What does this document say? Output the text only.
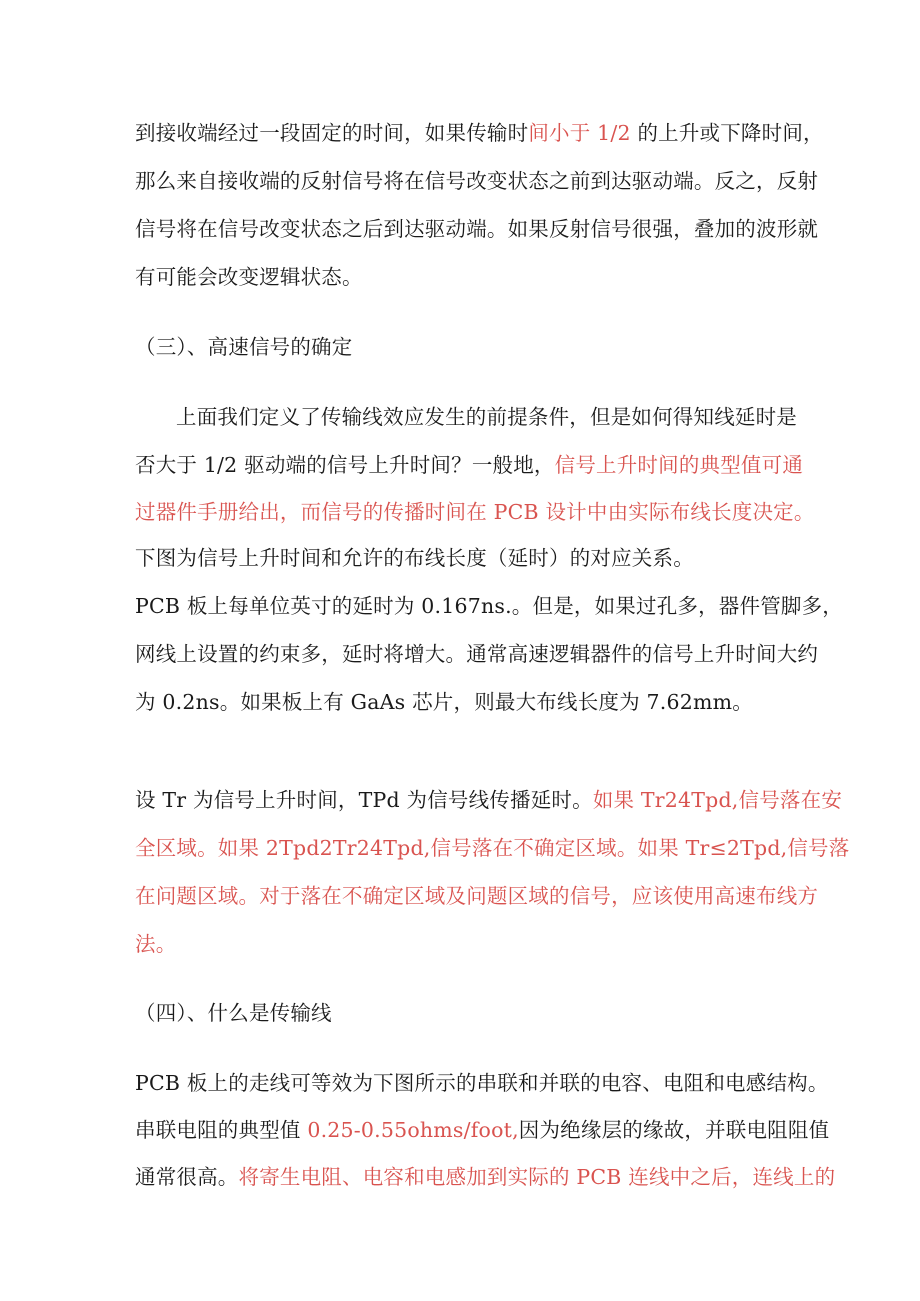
到接收端经过一段固定的时间，如果传输时间小于 1/2 的上升或下降时间，
那么来自接收端的反射信号将在信号改变状态之前到达驱动端。反之，反射
信号将在信号改变状态之后到达驱动端。如果反射信号很强，叠加的波形就
有可能会改变逻辑状态。
（三）、高速信号的确定
上面我们定义了传输线效应发生的前提条件，但是如何得知线延时是
否大于 1/2 驱动端的信号上升时间？一般地，信号上升时间的典型值可通
过器件手册给出，而信号的传播时间在 PCB 设计中由实际布线长度决定。
下图为信号上升时间和允许的布线长度（延时）的对应关系。
PCB 板上每单位英寸的延时为 0.167ns.。但是，如果过孔多，器件管脚多，
网线上设置的约束多，延时将增大。通常高速逻辑器件的信号上升时间大约
为 0.2ns。如果板上有 GaAs 芯片，则最大布线长度为 7.62mm。
设 Tr 为信号上升时间，TPd 为信号线传播延时。如果 Tr24Tpd,信号落在安
全区域。如果 2Tpd2Tr24Tpd,信号落在不确定区域。如果 Tr≤2Tpd,信号落
在问题区域。对于落在不确定区域及问题区域的信号，应该使用高速布线方
法。
（四）、什么是传输线
PCB 板上的走线可等效为下图所示的串联和并联的电容、电阻和电感结构。
串联电阻的典型值 0.25-0.55ohms/foot,因为绝缘层的缘故，并联电阻阻值
通常很高。将寄生电阻、电容和电感加到实际的 PCB 连线中之后，连线上的
